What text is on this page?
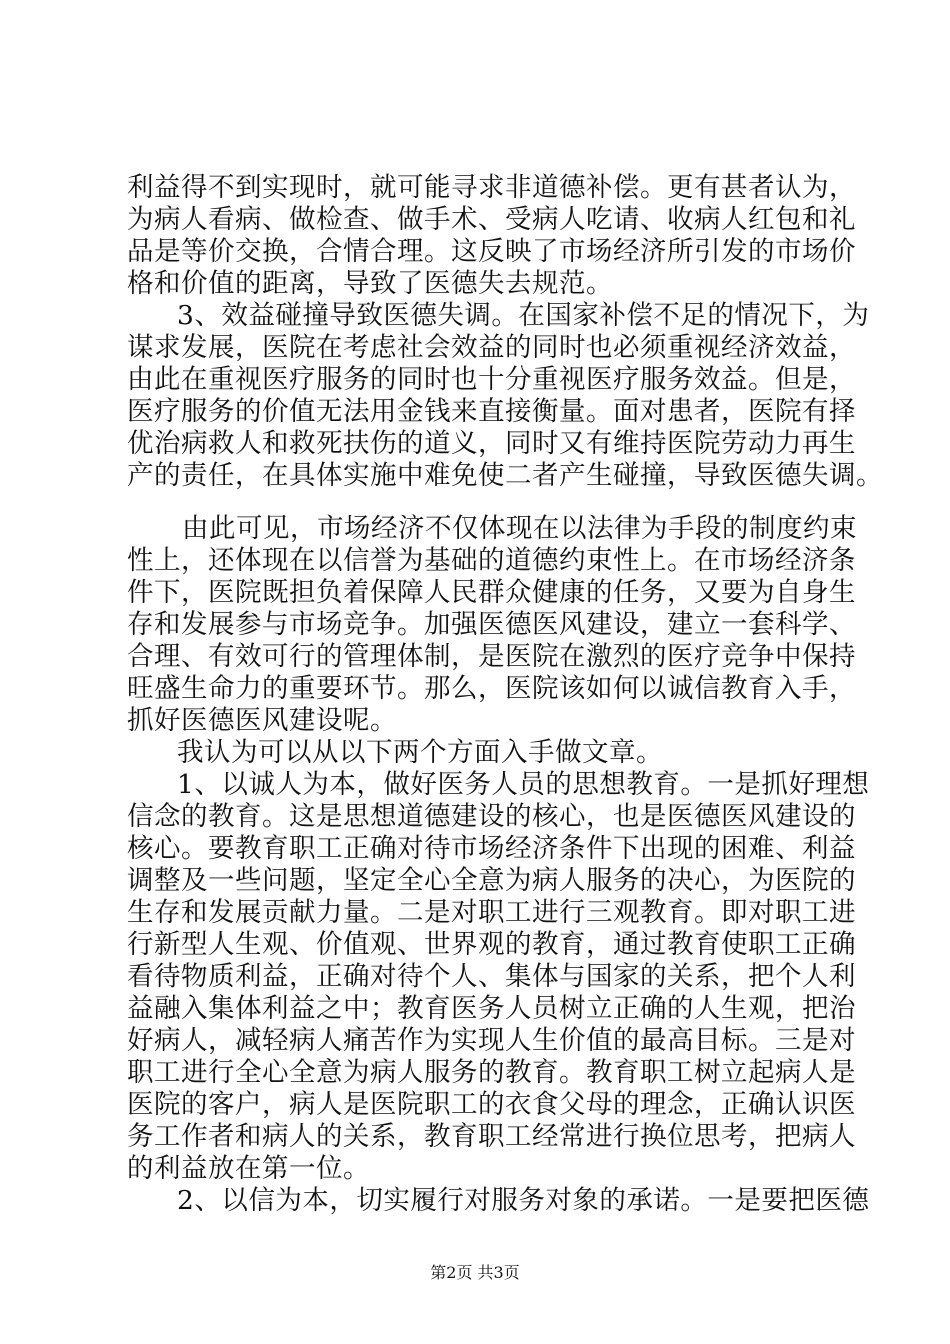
利益得不到实现时，就可能寻求非道德补偿。更有甚者认为，
为病人看病、做检查、做手术、受病人吃请、收病人红包和礼
品是等价交换，合情合理。这反映了市场经济所引发的市场价
格和价值的距离，导致了医德失去规范。
3、效益碰撞导致医德失调。在国家补偿不足的情况下，为
谋求发展，医院在考虑社会效益的同时也必须重视经济效益，
由此在重视医疗服务的同时也十分重视医疗服务效益。但是，
医疗服务的价值无法用金钱来直接衡量。面对患者，医院有择
优治病救人和救死扶伤的道义，同时又有维持医院劳动力再生
产的责任，在具体实施中难免使二者产生碰撞，导致医德失调。
由此可见，市场经济不仅体现在以法律为手段的制度约束
性上，还体现在以信誉为基础的道德约束性上。在市场经济条
件下，医院既担负着保障人民群众健康的任务，又要为自身生
存和发展参与市场竞争。加强医德医风建设，建立一套科学、
合理、有效可行的管理体制，是医院在激烈的医疗竞争中保持
旺盛生命力的重要环节。那么，医院该如何以诚信教育入手，
抓好医德医风建设呢。
我认为可以从以下两个方面入手做文章。
1、以诚人为本，做好医务人员的思想教育。一是抓好理想
信念的教育。这是思想道德建设的核心，也是医德医风建设的
核心。要教育职工正确对待市场经济条件下出现的困难、利益
调整及一些问题，坚定全心全意为病人服务的决心，为医院的
生存和发展贡献力量。二是对职工进行三观教育。即对职工进
行新型人生观、价值观、世界观的教育，通过教育使职工正确
看待物质利益，正确对待个人、集体与国家的关系，把个人利
益融入集体利益之中；教育医务人员树立正确的人生观，把治
好病人，减轻病人痛苦作为实现人生价值的最高目标。三是对
职工进行全心全意为病人服务的教育。教育职工树立起病人是
医院的客户，病人是医院职工的衣食父母的理念，正确认识医
务工作者和病人的关系，教育职工经常进行换位思考，把病人
的利益放在第一位。
2、以信为本，切实履行对服务对象的承诺。一是要把医德
第2页 共3页
